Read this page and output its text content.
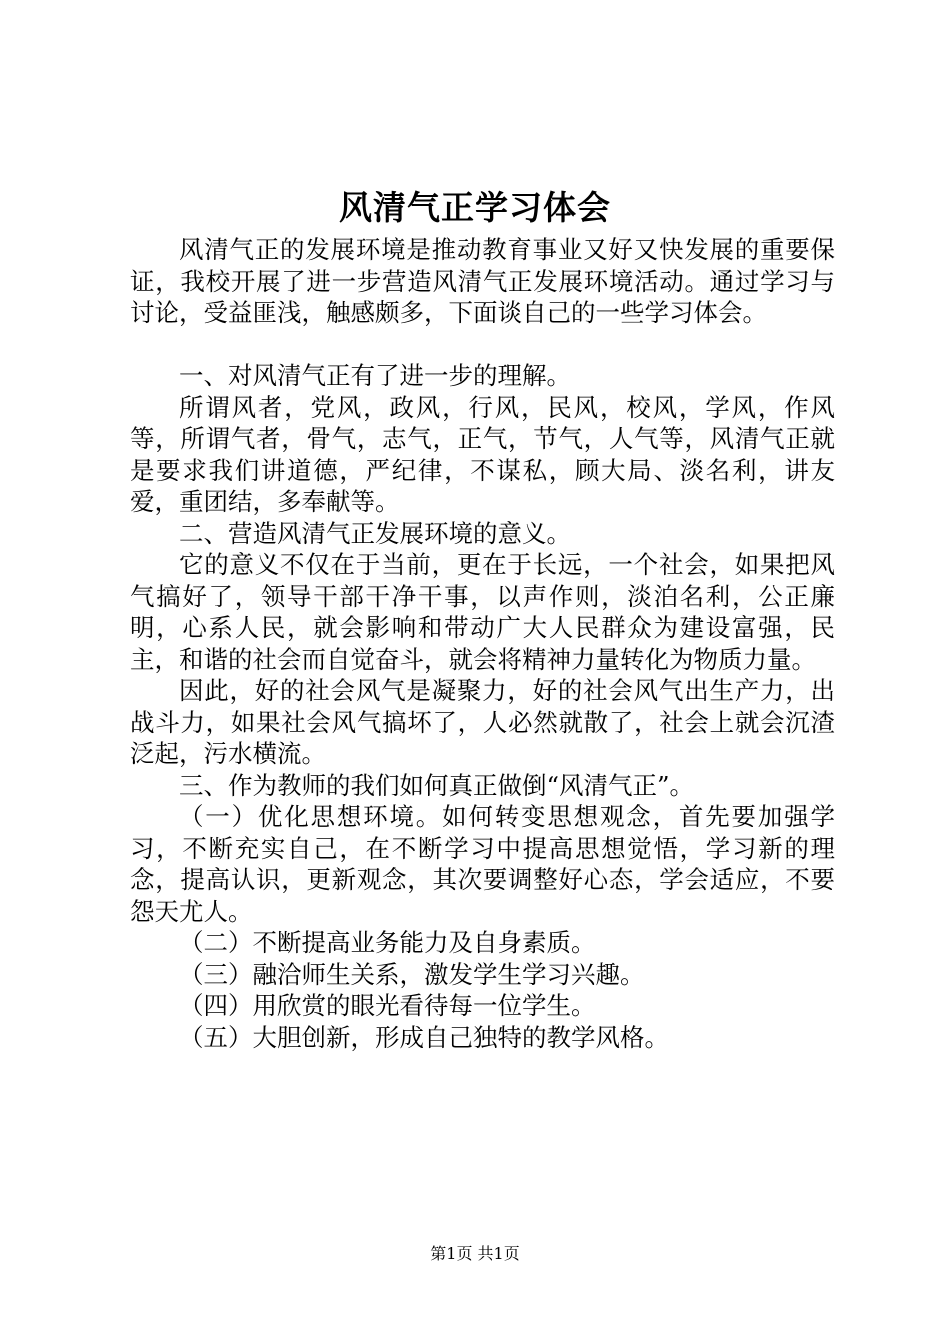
风清气正学习体会

风清气正的发展环境是推动教育事业又好又快发展的重要保证，我校开展了进一步营造风清气正发展环境活动。通过学习与讨论，受益匪浅，触感颇多，下面谈自己的一些学习体会。

一、对风清气正有了进一步的理解。

所谓风者，党风，政风，行风，民风，校风，学风，作风等，所谓气者，骨气，志气，正气，节气，人气等，风清气正就是要求我们讲道德，严纪律，不谋私，顾大局、淡名利，讲友爱，重团结，多奉献等。

二、营造风清气正发展环境的意义。

它的意义不仅在于当前，更在于长远，一个社会，如果把风气搞好了，领导干部干净干事，以声作则，淡泊名利，公正廉明，心系人民，就会影响和带动广大人民群众为建设富强，民主，和谐的社会而自觉奋斗，就会将精神力量转化为物质力量。

因此，好的社会风气是凝聚力，好的社会风气出生产力，出战斗力，如果社会风气搞坏了，人必然就散了，社会上就会沉渣泛起，污水横流。

三、作为教师的我们如何真正做倒“风清气正”。

（一）优化思想环境。如何转变思想观念，首先要加强学习，不断充实自己，在不断学习中提高思想觉悟，学习新的理念，提高认识，更新观念，其次要调整好心态，学会适应，不要怨天尤人。

（二）不断提高业务能力及自身素质。

（三）融洽师生关系，激发学生学习兴趣。

（四）用欣赏的眼光看待每一位学生。

（五）大胆创新，形成自己独特的教学风格。

第1页 共1页
